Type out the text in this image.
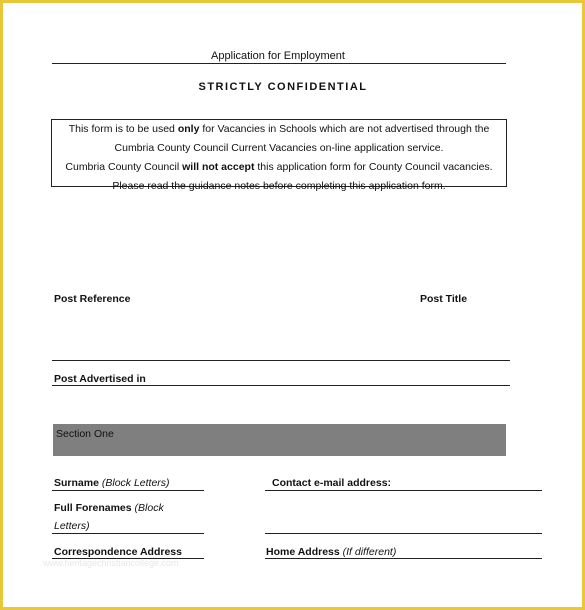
Application for Employment
STRICTLY CONFIDENTIAL

This form is to be used only for Vacancies in Schools which are not advertised through the

Cumbria County Council Current Vacancies on-line application service.

Cumbria County Council will not accept this application form for County Council vacancies.

Please read the guidance notes before completing this application form.

Post Reference	Post Title
Post Advertised in
Section One
Surname (Block Letters)	Contact e-mail address:
Full Forenames (Block
Letters)
Correspondence Address	Home Address (If different)
www.heritagechristiancollege.com
